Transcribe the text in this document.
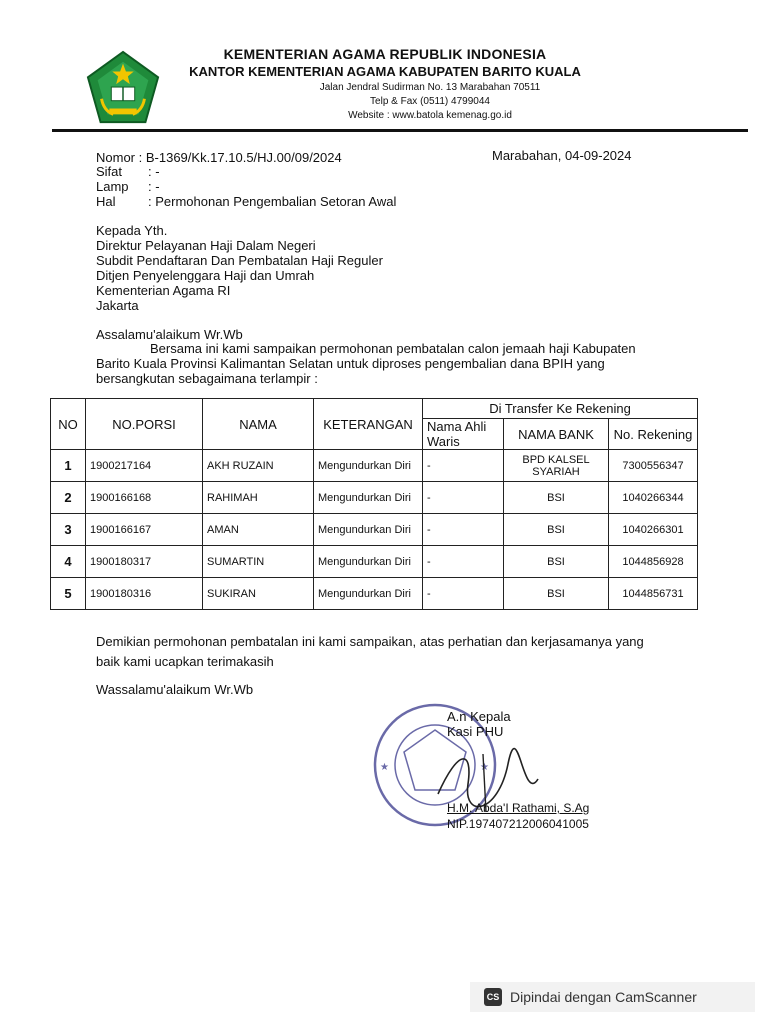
KEMENTERIAN AGAMA REPUBLIK INDONESIA
KANTOR KEMENTERIAN AGAMA KABUPATEN BARITO KUALA
Jalan Jendral Sudirman No. 13 Marabahan 70511
Telp & Fax (0511) 4799044
Website : www.batola kemenag.go.id
Nomor : B-1369/Kk.17.10.5/HJ.00/09/2024	Marabahan, 04-09-2024
Sifat : -
Lamp : -
Hal : Permohonan Pengembalian Setoran Awal
Kepada Yth.
Direktur Pelayanan Haji Dalam Negeri
Subdit Pendaftaran Dan Pembatalan Haji Reguler
Ditjen Penyelenggara Haji dan Umrah
Kementerian Agama RI
Jakarta
Assalamu'alaikum Wr.Wb
Bersama ini kami sampaikan permohonan pembatalan calon jemaah haji Kabupaten
Barito Kuala Provinsi Kalimantan Selatan untuk diproses pengembalian dana BPIH yang
bersangkutan sebagaimana terlampir :
NO	NO.PORSI	NAMA	KETERANGAN	Di Transfer Ke Rekening		
				Nama Ahli Waris	NAMA BANK	No. Rekening
1	1900217164	AKH RUZAIN	Mengundurkan Diri	-	BPD KALSEL SYARIAH	7300556347
2	1900166168	RAHIMAH	Mengundurkan Diri	-	BSI	1040266344
3	1900166167	AMAN	Mengundurkan Diri	-	BSI	1040266301
4	1900180317	SUMARTIN	Mengundurkan Diri	-	BSI	1044856928
5	1900180316	SUKIRAN	Mengundurkan Diri	-	BSI	1044856731
Demikian permohonan pembatalan ini kami sampaikan, atas perhatian dan kerjasamanya yang
baik kami ucapkan terimakasih
Wassalamu'alaikum Wr.Wb
★	★
A.n Kepala
Kasi PHU
H.M. Abda'I Rathami, S.Ag
NIP.197407212006041005
CS Dipindai dengan CamScanner
